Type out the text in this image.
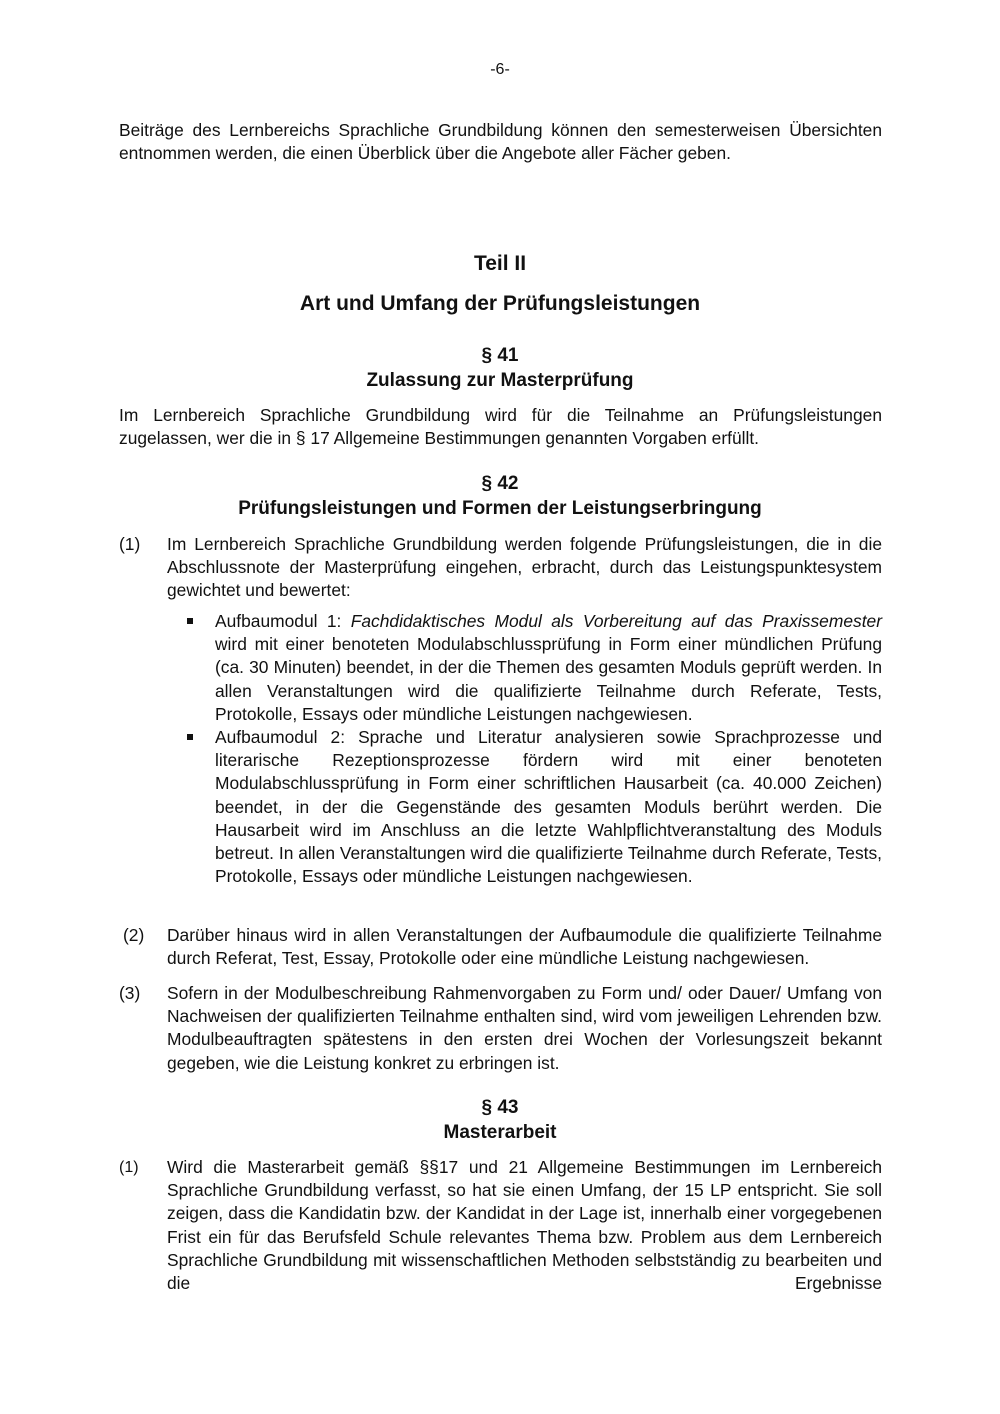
-6-
Beiträge des Lernbereichs Sprachliche Grundbildung können den semesterweisen Übersichten entnommen werden, die einen Überblick über die Angebote aller Fächer geben.
Teil II
Art und Umfang der Prüfungsleistungen
§ 41
Zulassung zur Masterprüfung
Im Lernbereich Sprachliche Grundbildung wird für die Teilnahme an Prüfungsleistungen zugelassen, wer die in § 17 Allgemeine Bestimmungen genannten Vorgaben erfüllt.
§ 42
Prüfungsleistungen und Formen der Leistungserbringung
(1) Im Lernbereich Sprachliche Grundbildung werden folgende Prüfungsleistungen, die in die Abschlussnote der Masterprüfung eingehen, erbracht, durch das Leistungspunktesystem gewichtet und bewertet:
Aufbaumodul 1: Fachdidaktisches Modul als Vorbereitung auf das Praxissemester wird mit einer benoteten Modulabschlussprüfung in Form einer mündlichen Prüfung (ca. 30 Minuten) beendet, in der die Themen des gesamten Moduls geprüft werden. In allen Veranstaltungen wird die qualifizierte Teilnahme durch Referate, Tests, Protokolle, Essays oder mündliche Leistungen nachgewiesen.
Aufbaumodul 2: Sprache und Literatur analysieren sowie Sprachprozesse und literarische Rezeptionsprozesse fördern wird mit einer benoteten Modulabschlussprüfung in Form einer schriftlichen Hausarbeit (ca. 40.000 Zeichen) beendet, in der die Gegenstände des gesamten Moduls berührt werden. Die Hausarbeit wird im Anschluss an die letzte Wahlpflichtveranstaltung des Moduls betreut. In allen Veranstaltungen wird die qualifizierte Teilnahme durch Referate, Tests, Protokolle, Essays oder mündliche Leistungen nachgewiesen.
(2) Darüber hinaus wird in allen Veranstaltungen der Aufbaumodule die qualifizierte Teilnahme durch Referat, Test, Essay, Protokolle oder eine mündliche Leistung nachgewiesen.
(3) Sofern in der Modulbeschreibung Rahmenvorgaben zu Form und/ oder Dauer/ Umfang von Nachweisen der qualifizierten Teilnahme enthalten sind, wird vom jeweiligen Lehrenden bzw. Modulbeauftragten spätestens in den ersten drei Wochen der Vorlesungszeit bekannt gegeben, wie die Leistung konkret zu erbringen ist.
§ 43
Masterarbeit
(1) Wird die Masterarbeit gemäß §§17 und 21 Allgemeine Bestimmungen im Lernbereich Sprachliche Grundbildung verfasst, so hat sie einen Umfang, der 15 LP entspricht. Sie soll zeigen, dass die Kandidatin bzw. der Kandidat in der Lage ist, innerhalb einer vorgegebenen Frist ein für das Berufsfeld Schule relevantes Thema bzw. Problem aus dem Lernbereich Sprachliche Grundbildung mit wissenschaftlichen Methoden selbstständig zu bearbeiten und die Ergebnisse
